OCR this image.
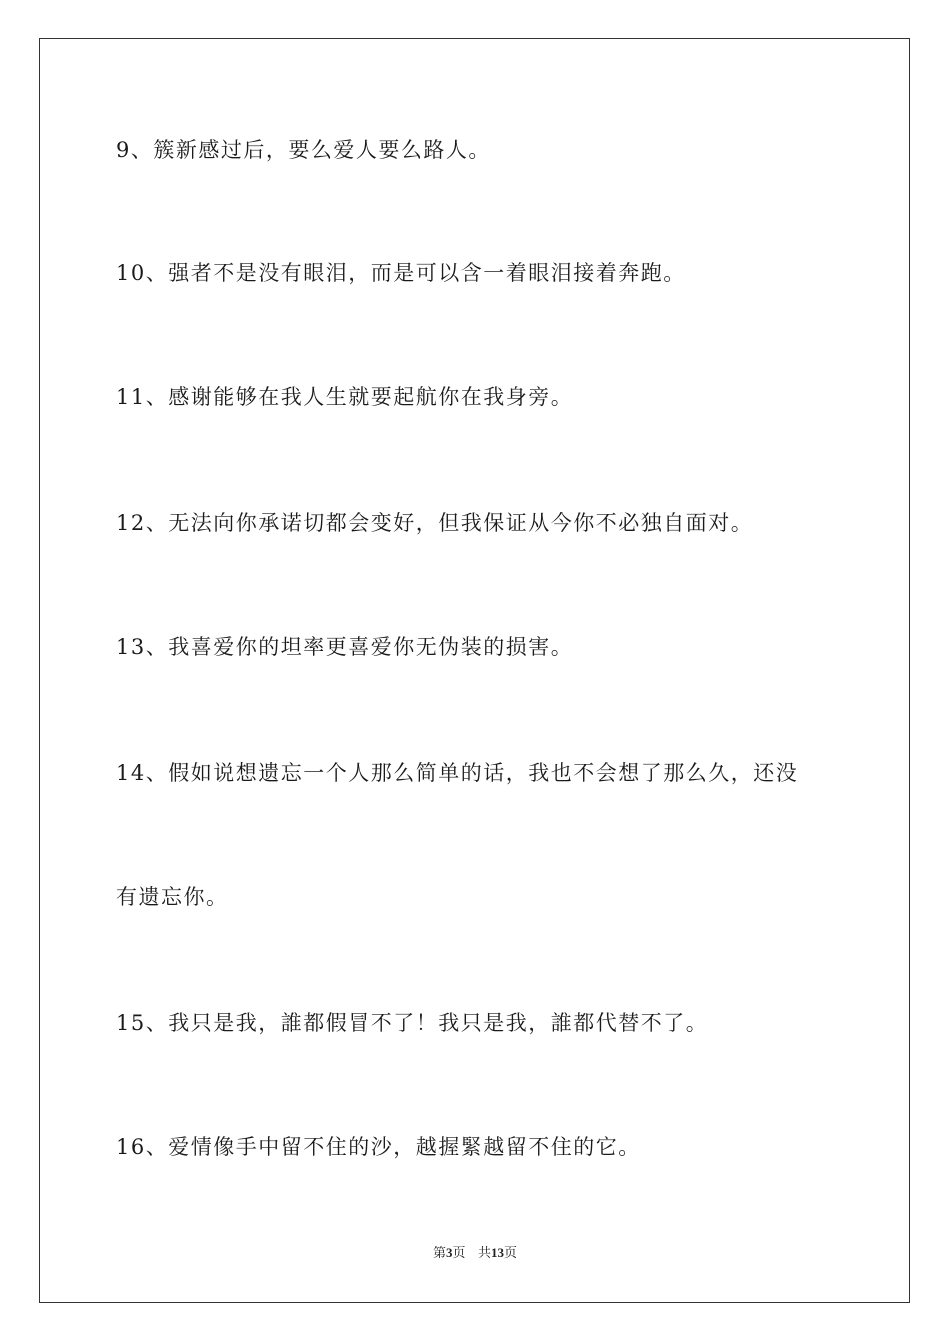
9、簇新感过后，要么爱人要么路人。
10、强者不是没有眼泪，而是可以含一着眼泪接着奔跑。
11、感谢能够在我人生就要起航你在我身旁。
12、无法向你承诺切都会变好，但我保证从今你不必独自面对。
13、我喜爱你的坦率更喜爱你无伪装的损害。
14、假如说想遗忘一个人那么简单的话，我也不会想了那么久，还没
有遗忘你。
15、我只是我，誰都假冒不了！我只是我，誰都代替不了。
16、爱情像手中留不住的沙，越握緊越留不住的它。
第3页 共13页
